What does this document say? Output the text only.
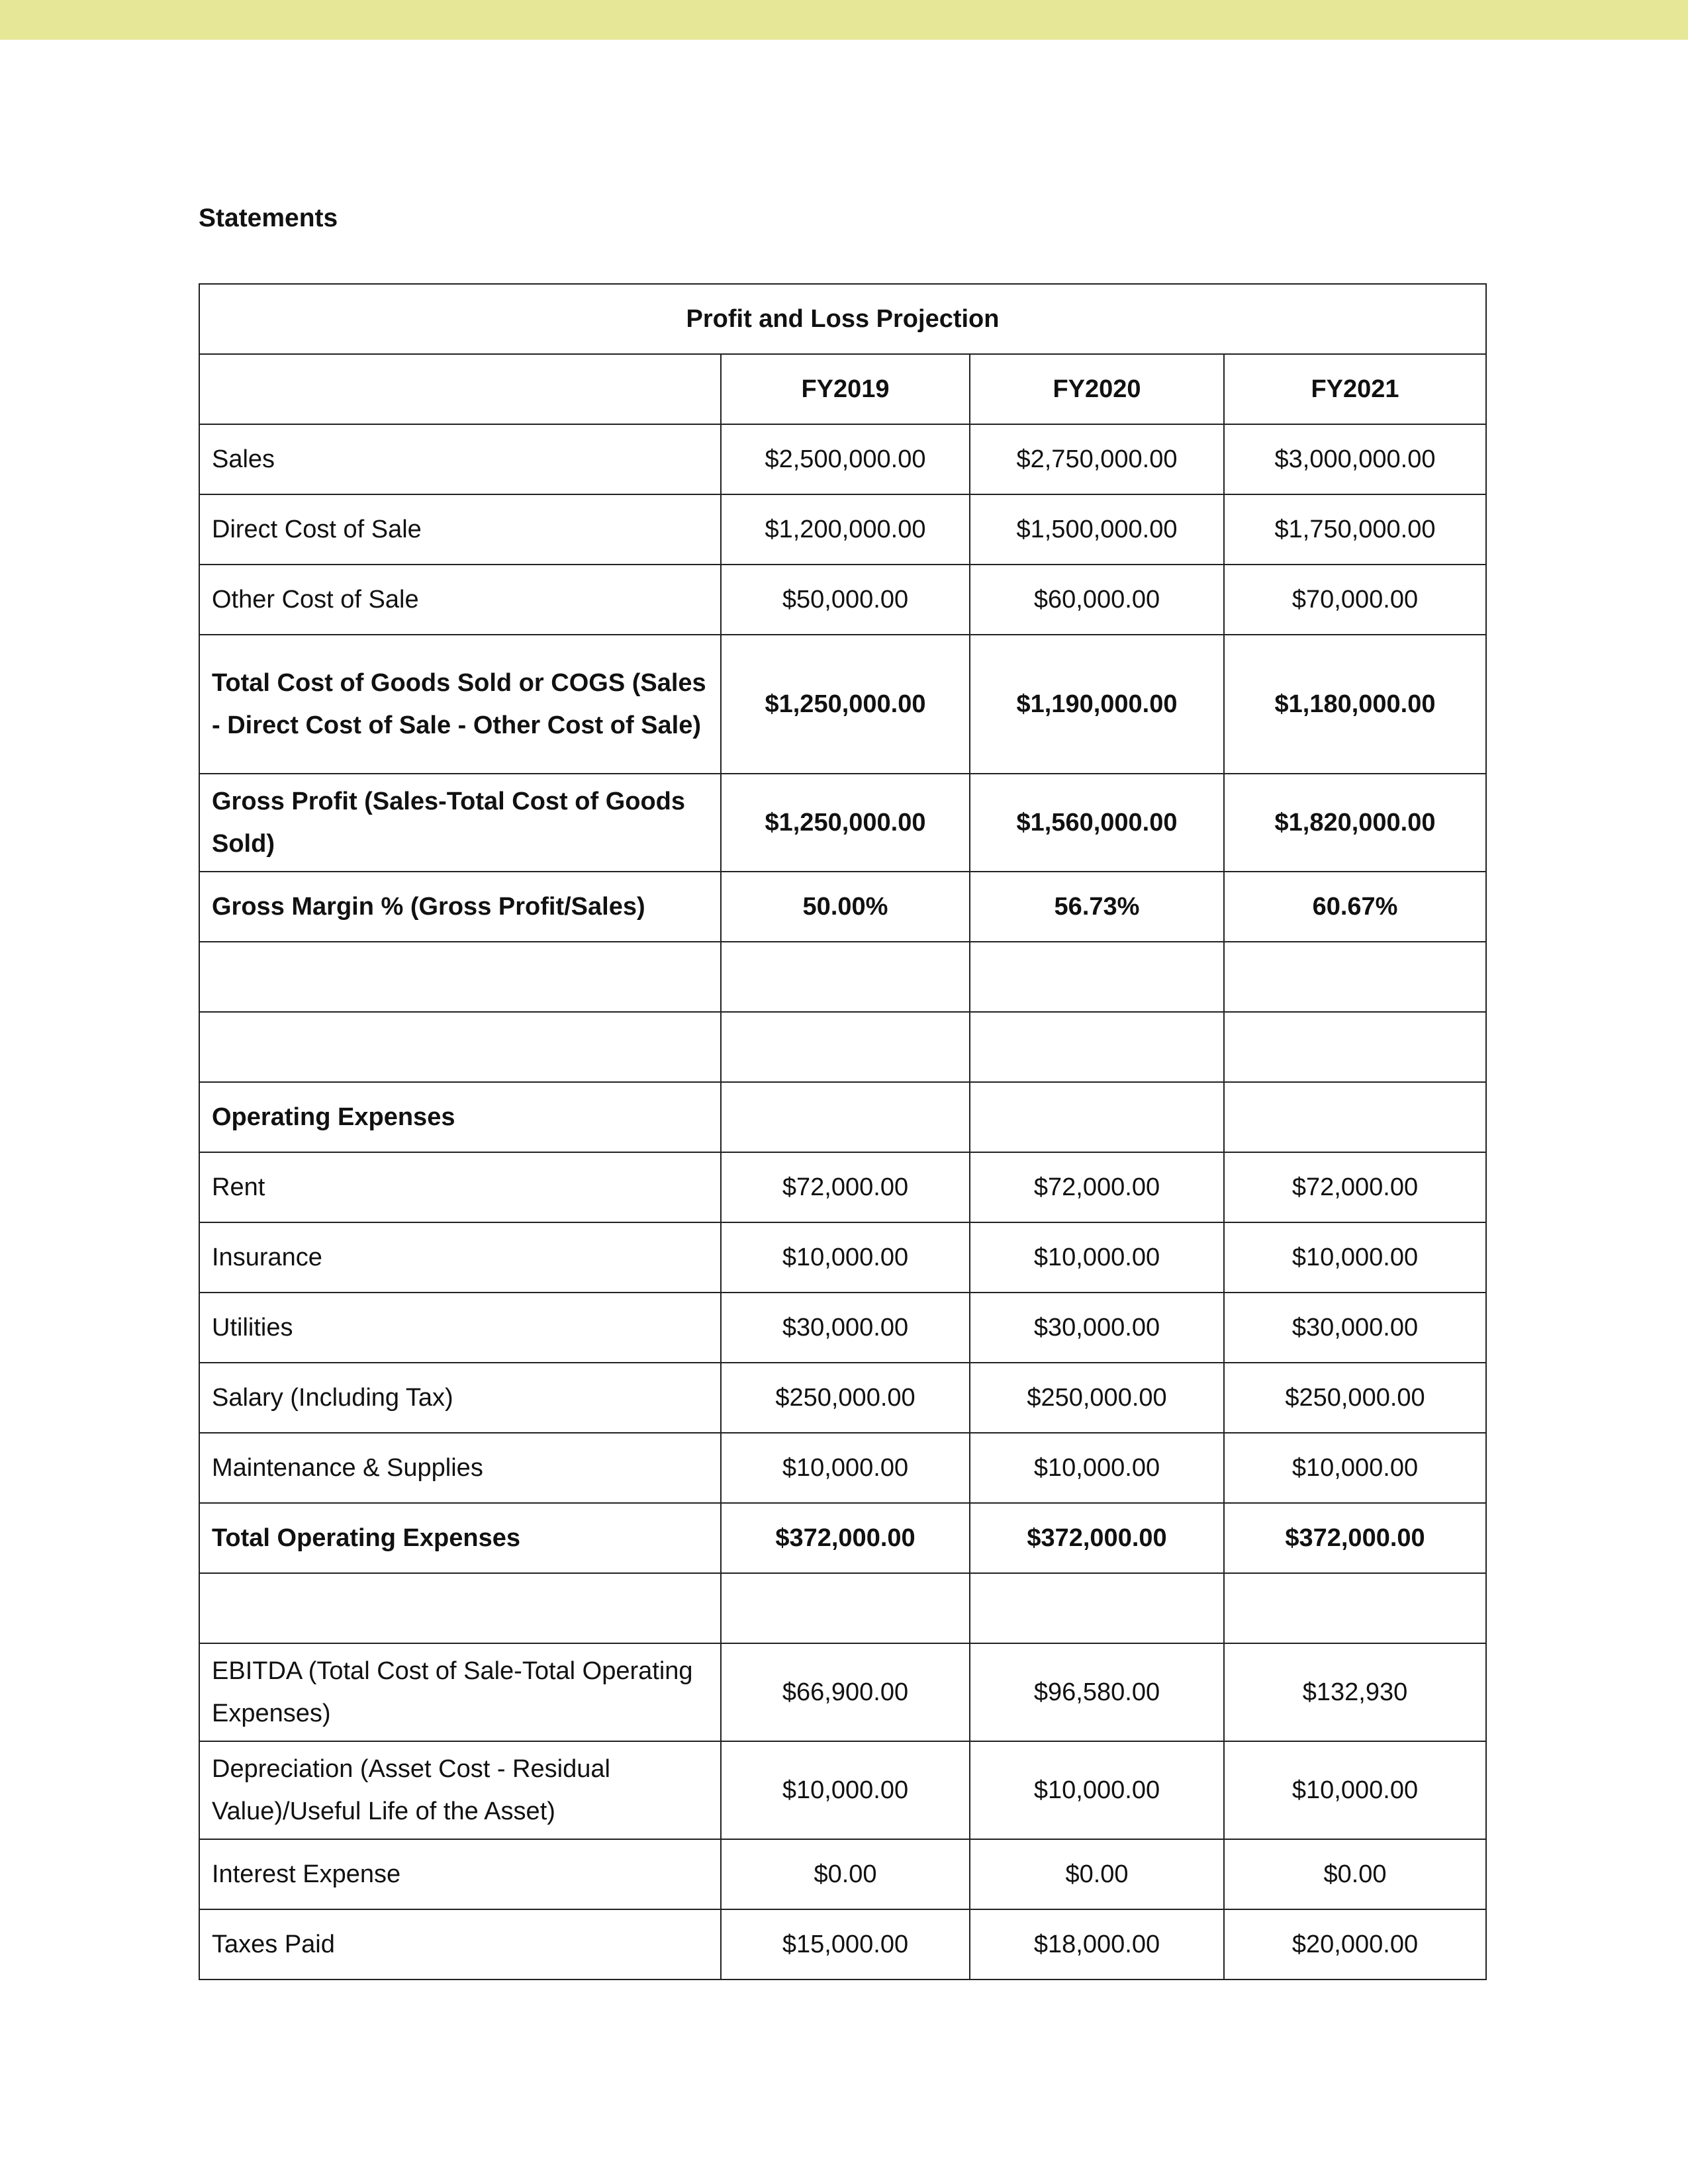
Statements
Profit and Loss Projection			
	FY2019	FY2020	FY2021
Sales	$2,500,000.00	$2,750,000.00	$3,000,000.00
Direct Cost of Sale	$1,200,000.00	$1,500,000.00	$1,750,000.00
Other Cost of Sale	$50,000.00	$60,000.00	$70,000.00
Total Cost of Goods Sold or COGS (Sales - Direct Cost of Sale - Other Cost of Sale)	$1,250,000.00	$1,190,000.00	$1,180,000.00
Gross Profit (Sales-Total Cost of Goods Sold)	$1,250,000.00	$1,560,000.00	$1,820,000.00
Gross Margin % (Gross Profit/Sales)	50.00%	56.73%	60.67%

Operating Expenses			
Rent	$72,000.00	$72,000.00	$72,000.00
Insurance	$10,000.00	$10,000.00	$10,000.00
Utilities	$30,000.00	$30,000.00	$30,000.00
Salary (Including Tax)	$250,000.00	$250,000.00	$250,000.00
Maintenance & Supplies	$10,000.00	$10,000.00	$10,000.00
Total Operating Expenses	$372,000.00	$372,000.00	$372,000.00

EBITDA (Total Cost of Sale-Total Operating Expenses)	$66,900.00	$96,580.00	$132,930
Depreciation (Asset Cost - Residual Value)/Useful Life of the Asset)	$10,000.00	$10,000.00	$10,000.00
Interest Expense	$0.00	$0.00	$0.00
Taxes Paid	$15,000.00	$18,000.00	$20,000.00
